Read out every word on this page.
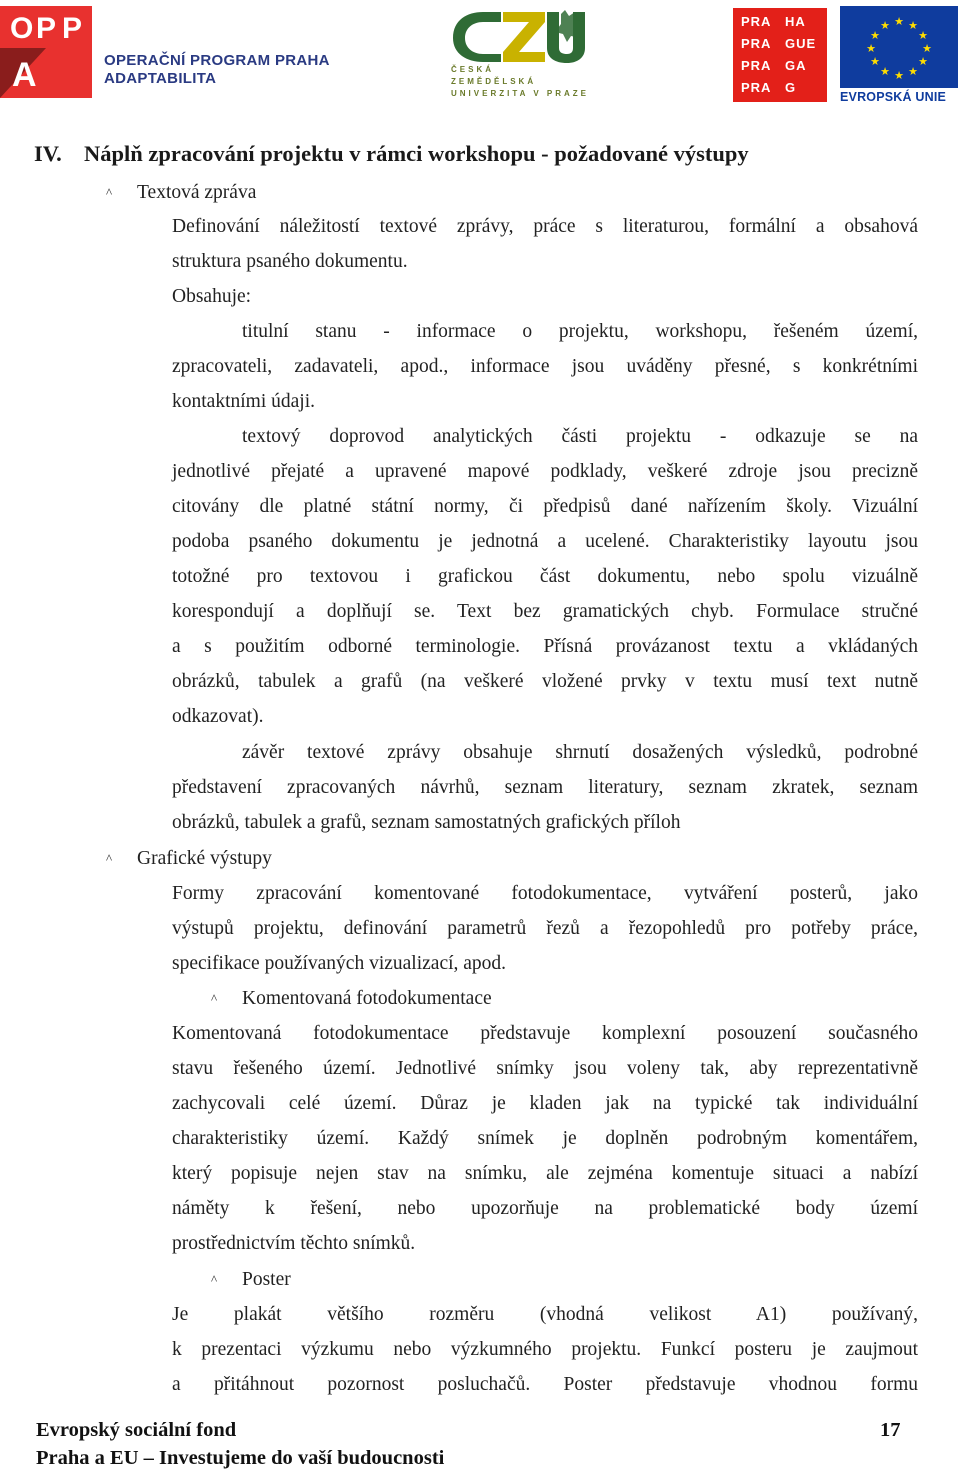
O P P
A	OPERAČNÍ PROGRAM PRAHA
ADAPTABILITA
ČESKÁ
ZEMĚDĚLSKÁ
UNIVERZITA V PRAZE
PRA HA
PRA GUE
PRA GA
PRA G
★ ★
★
★
★
★
★
★
★
★
★
★
EVROPSKÁ UNIE
IV. Náplň zpracování projektu v rámci workshopu - požadované výstupy
^ Textová zpráva
Definování náležitostí textové zprávy, práce s literaturou, formální a obsahová
struktura psaného dokumentu.
Obsahuje:
titulní stanu - informace o projektu, workshopu, řešeném území,
zpracovateli, zadavateli, apod., informace jsou uváděny přesné, s konkrétními
kontaktními údaji.
textový doprovod analytických části projektu - odkazuje se na
jednotlivé přejaté a upravené mapové podklady, veškeré zdroje jsou precizně
citovány dle platné státní normy, či předpisů dané nařízením školy. Vizuální
podoba psaného dokumentu je jednotná a ucelené. Charakteristiky layoutu jsou
totožné pro textovou i grafickou část dokumentu, nebo spolu vizuálně
korespondují a doplňují se. Text bez gramatických chyb. Formulace stručné
a s použitím odborné terminologie. Přísná provázanost textu a vkládaných
obrázků, tabulek a grafů (na veškeré vložené prvky v textu musí text nutně
odkazovat).
závěr textové zprávy obsahuje shrnutí dosažených výsledků, podrobné
představení zpracovaných návrhů, seznam literatury, seznam zkratek, seznam
obrázků, tabulek a grafů, seznam samostatných grafických příloh
^ Grafické výstupy
Formy zpracování komentované fotodokumentace, vytváření posterů, jako
výstupů projektu, definování parametrů řezů a řezopohledů pro potřeby práce,
specifikace používaných vizualizací, apod.
^ Komentovaná fotodokumentace
Komentovaná fotodokumentace představuje komplexní posouzení současného
stavu řešeného území. Jednotlivé snímky jsou voleny tak, aby reprezentativně
zachycovali celé území. Důraz je kladen jak na typické tak individuální
charakteristiky území. Každý snímek je doplněn podrobným komentářem,
který popisuje nejen stav na snímku, ale zejména komentuje situaci a nabízí
náměty k řešení, nebo upozorňuje na problematické body území
prostřednictvím těchto snímků.
^ Poster
Je plakát většího rozměru (vhodná velikost A1) používaný,
k prezentaci výzkumu nebo výzkumného projektu. Funkcí posteru je zaujmout
a přitáhnout pozornost posluchačů. Poster představuje vhodnou formu
Evropský sociální fond
Praha a EU – Investujeme do vaší budoucnosti
17
